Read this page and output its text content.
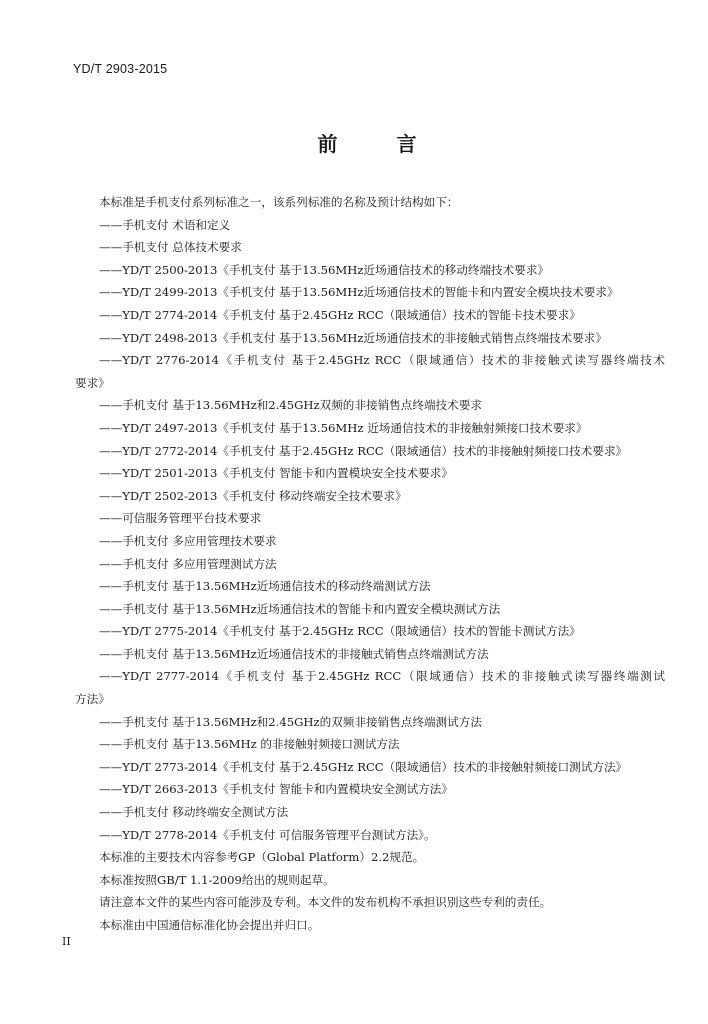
YD/T 2903-2015
前 言

本标准是手机支付系列标准之一，该系列标准的名称及预计结构如下：

——手机支付 术语和定义

——手机支付 总体技术要求

——YD/T 2500-2013《手机支付 基于13.56MHz近场通信技术的移动终端技术要求》

——YD/T 2499-2013《手机支付 基于13.56MHz近场通信技术的智能卡和内置安全模块技术要求》

——YD/T 2774-2014《手机支付 基于2.45GHz RCC（限域通信）技术的智能卡技术要求》

——YD/T 2498-2013《手机支付 基于13.56MHz近场通信技术的非接触式销售点终端技术要求》

——YD/T 2776-2014《手机支付 基于2.45GHz RCC（限域通信）技术的非接触式读写器终端技术

要求》

——手机支付 基于13.56MHz和2.45GHz双频的非接销售点终端技术要求

——YD/T 2497-2013《手机支付 基于13.56MHz 近场通信技术的非接触射频接口技术要求》

——YD/T 2772-2014《手机支付 基于2.45GHz RCC（限域通信）技术的非接触射频接口技术要求》

——YD/T 2501-2013《手机支付 智能卡和内置模块安全技术要求》

——YD/T 2502-2013《手机支付 移动终端安全技术要求》

——可信服务管理平台技术要求

——手机支付 多应用管理技术要求

——手机支付 多应用管理测试方法

——手机支付 基于13.56MHz近场通信技术的移动终端测试方法

——手机支付 基于13.56MHz近场通信技术的智能卡和内置安全模块测试方法

——YD/T 2775-2014《手机支付 基于2.45GHz RCC（限域通信）技术的智能卡测试方法》

——手机支付 基于13.56MHz近场通信技术的非接触式销售点终端测试方法

——YD/T 2777-2014《手机支付 基于2.45GHz RCC（限域通信）技术的非接触式读写器终端测试

方法》

——手机支付 基于13.56MHz和2.45GHz的双频非接销售点终端测试方法

——手机支付 基于13.56MHz 的非接触射频接口测试方法

——YD/T 2773-2014《手机支付 基于2.45GHz RCC（限域通信）技术的非接触射频接口测试方法》

——YD/T 2663-2013《手机支付 智能卡和内置模块安全测试方法》

——手机支付 移动终端安全测试方法

——YD/T 2778-2014《手机支付 可信服务管理平台测试方法》。

本标准的主要技术内容参考GP（Global Platform）2.2规范。

本标准按照GB/T 1.1-2009给出的规则起草。

请注意本文件的某些内容可能涉及专利。本文件的发布机构不承担识别这些专利的责任。

本标准由中国通信标准化协会提出并归口。

II
